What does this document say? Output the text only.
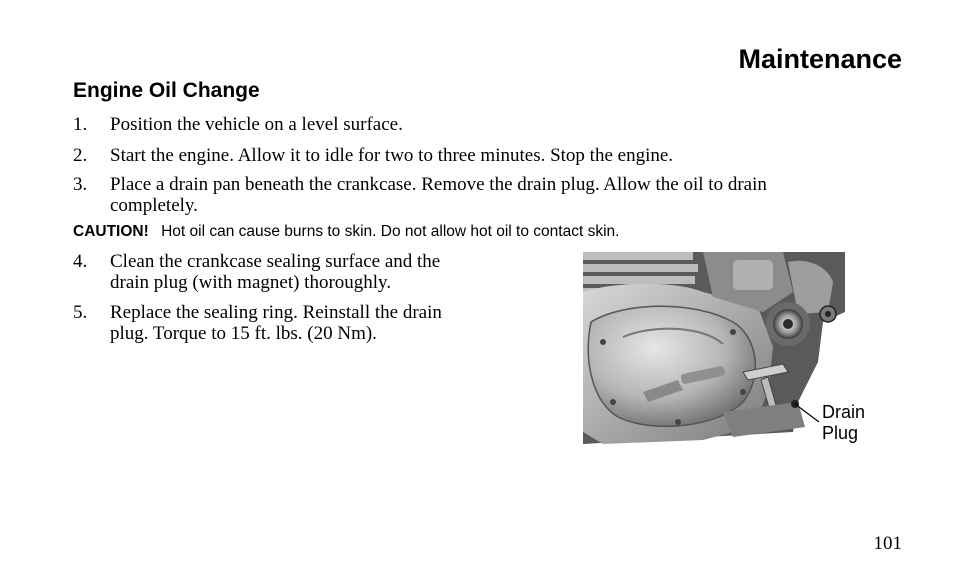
Maintenance
Engine Oil Change
1. Position the vehicle on a level surface.
2. Start the engine. Allow it to idle for two to three minutes. Stop the engine.
3. Place a drain pan beneath the crankcase. Remove the drain plug. Allow the oil to drain
completely.
CAUTION! Hot oil can cause burns to skin. Do not allow hot oil to contact skin.
4. Clean the crankcase sealing surface and the
drain plug (with magnet) thoroughly.
5. Replace the sealing ring. Reinstall the drain
plug. Torque to 15 ft. lbs. (20 Nm).
Drain
Plug
101
